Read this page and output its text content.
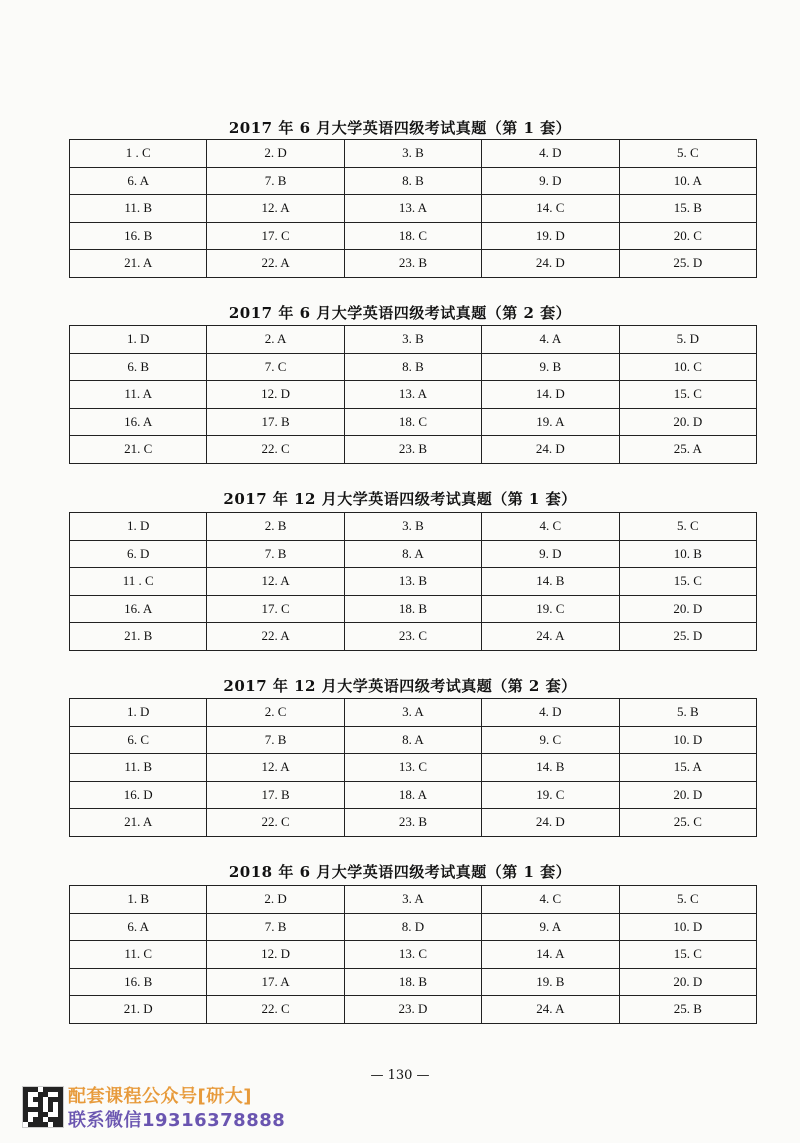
2017 年 6 月大学英语四级考试真题（第 1 套）
1 . C	2. D	3. B	4. D	5. C
6. A	7. B	8. B	9. D	10. A
11. B	12. A	13. A	14. C	15. B
16. B	17. C	18. C	19. D	20. C
21. A	22. A	23. B	24. D	25. D
2017 年 6 月大学英语四级考试真题（第 2 套）
1. D	2. A	3. B	4. A	5. D
6. B	7. C	8. B	9. B	10. C
11. A	12. D	13. A	14. D	15. C
16. A	17. B	18. C	19. A	20. D
21. C	22. C	23. B	24. D	25. A
2017 年 12 月大学英语四级考试真题（第 1 套）
1. D	2. B	3. B	4. C	5. C
6. D	7. B	8. A	9. D	10. B
11 . C	12. A	13. B	14. B	15. C
16. A	17. C	18. B	19. C	20. D
21. B	22. A	23. C	24. A	25. D
2017 年 12 月大学英语四级考试真题（第 2 套）
1. D	2. C	3. A	4. D	5. B
6. C	7. B	8. A	9. C	10. D
11. B	12. A	13. C	14. B	15. A
16. D	17. B	18. A	19. C	20. D
21. A	22. C	23. B	24. D	25. C
2018 年 6 月大学英语四级考试真题（第 1 套）
1. B	2. D	3. A	4. C	5. C
6. A	7. B	8. D	9. A	10. D
11. C	12. D	13. C	14. A	15. C
16. B	17. A	18. B	19. B	20. D
21. D	22. C	23. D	24. A	25. B
— 130 —
配套课程公众号[研大]
联系微信19316378888
